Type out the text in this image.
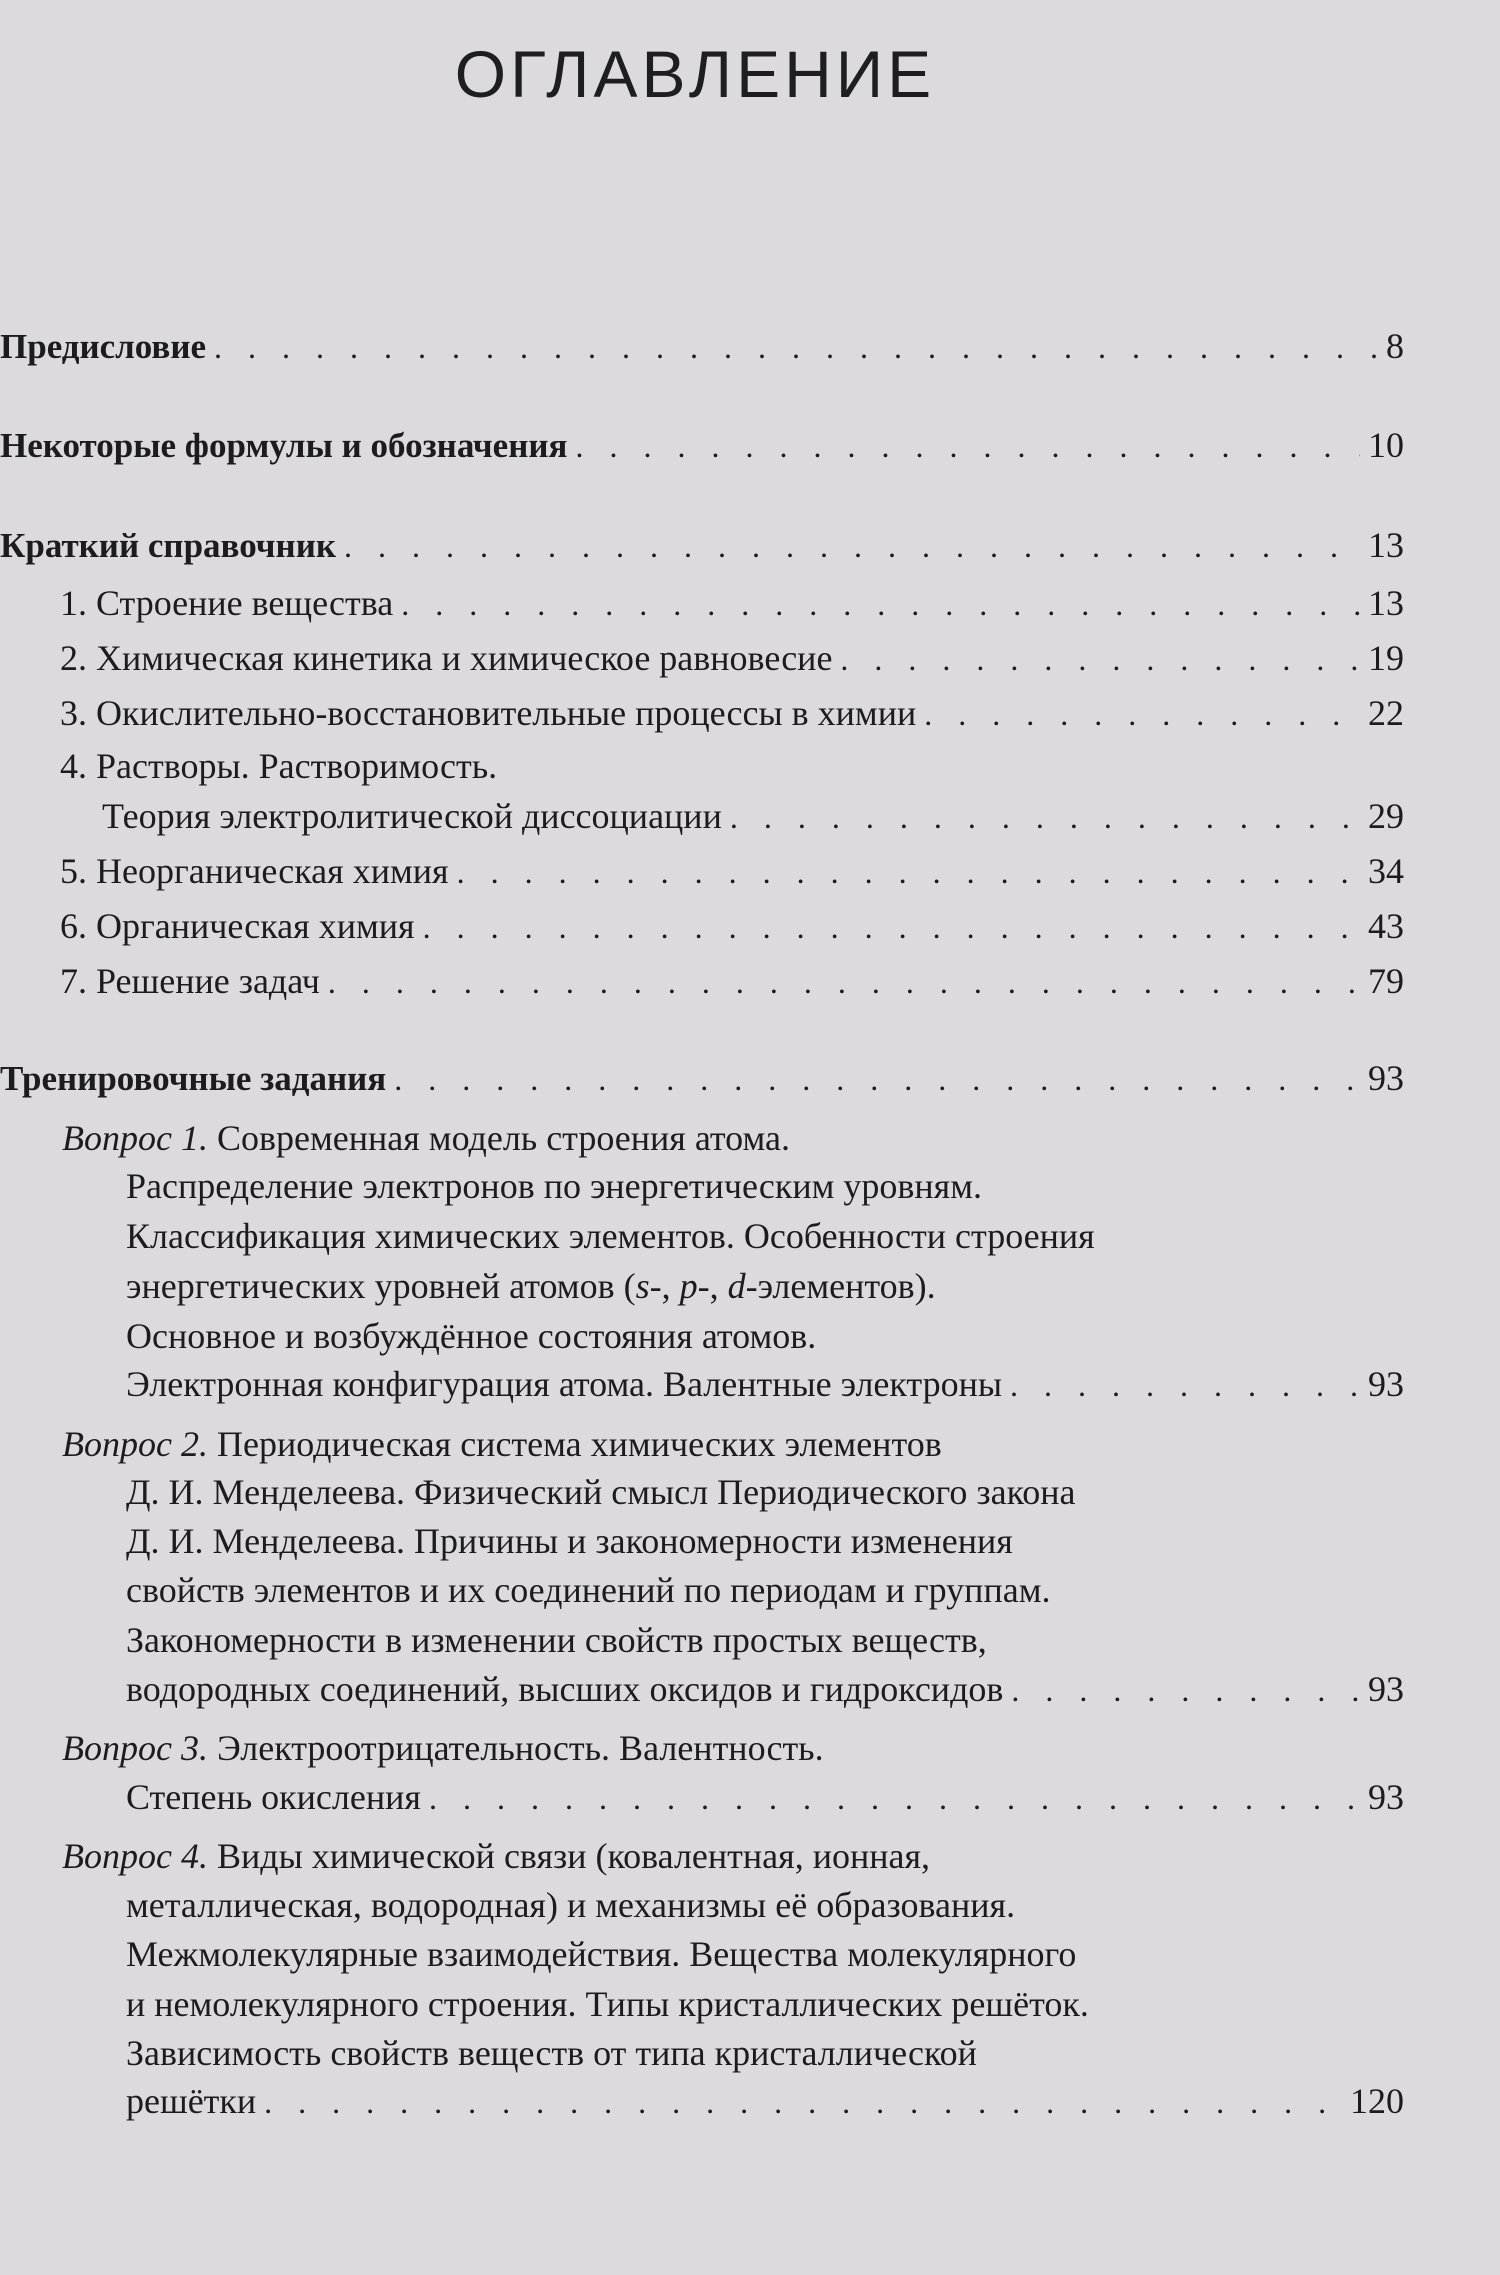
ОГЛАВЛЕНИЕ
Предисловие . . .	8
Некоторые формулы и обозначения . . .	10
Краткий справочник . . .	13
1. Строение вещества . . .	13
2. Химическая кинетика и химическое равновесие . . .	19
3. Окислительно-восстановительные процессы в химии . . .	22
4. Растворы. Растворимость.
Теория электролитической диссоциации . . .	29
5. Неорганическая химия . . .	34
6. Органическая химия . . .	43
7. Решение задач . . .	79
Тренировочные задания . . .	93
Вопрос 1. Современная модель строения атома.
Распределение электронов по энергетическим уровням.
Классификация химических элементов. Особенности строения
энергетических уровней атомов (s-, p-, d-элементов).
Основное и возбуждённое состояния атомов.
Электронная конфигурация атома. Валентные электроны . . .	93
Вопрос 2. Периодическая система химических элементов
Д. И. Менделеева. Физический смысл Периодического закона
Д. И. Менделеева. Причины и закономерности изменения
свойств элементов и их соединений по периодам и группам.
Закономерности в изменении свойств простых веществ,
водородных соединений, высших оксидов и гидроксидов . . .	93
Вопрос 3. Электроотрицательность. Валентность.
Степень окисления . . .	93
Вопрос 4. Виды химической связи (ковалентная, ионная,
металлическая, водородная) и механизмы её образования.
Межмолекулярные взаимодействия. Вещества молекулярного
и немолекулярного строения. Типы кристаллических решёток.
Зависимость свойств веществ от типа кристаллической
решётки . . .	120
